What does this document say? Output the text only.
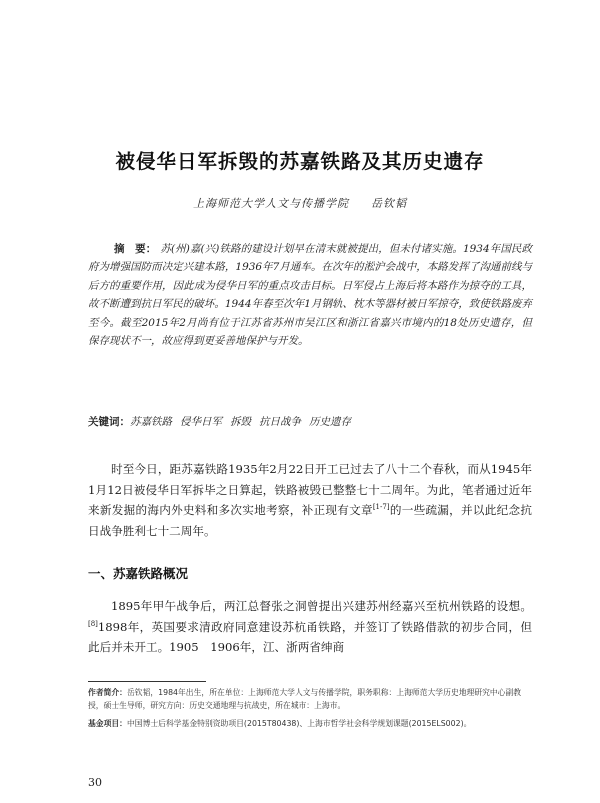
被侵华日军拆毁的苏嘉铁路及其历史遗存
上海师范大学人文与传播学院 岳钦韬
摘　要： 苏(州)嘉(兴)铁路的建设计划早在清末就被提出，但未付诸实施。1934年国民政府为增强国防而决定兴建本路，1936年7月通车。在次年的淞沪会战中，本路发挥了沟通前线与后方的重要作用，因此成为侵华日军的重点攻击目标。日军侵占上海后将本路作为掠夺的工具，故不断遭到抗日军民的破坏。1944年春至次年1月钢轨、枕木等器材被日军掠夺，致使铁路废弃至今。截至2015年2月尚有位于江苏省苏州市吴江区和浙江省嘉兴市境内的18处历史遗存，但保存现状不一，故应得到更妥善地保护与开发。
关键词：苏嘉铁路 侵华日军 拆毁 抗日战争 历史遗存
时至今日，距苏嘉铁路1935年2月22日开工已过去了八十二个春秋，而从1945年1月12日被侵华日军拆毕之日算起，铁路被毁已整整七十二周年。为此，笔者通过近年来新发掘的海内外史料和多次实地考察，补正现有文章[1-7]的一些疏漏，并以此纪念抗日战争胜利七十二周年。
一、苏嘉铁路概况
1895年甲午战争后，两江总督张之洞曾提出兴建苏州经嘉兴至杭州铁路的设想。[8]1898年，英国要求清政府同意建设苏杭甬铁路，并签订了铁路借款的初步合同，但此后并未开工。1905　1906年，江、浙两省绅商
作者简介：岳钦韬，1984年出生，所在单位：上海师范大学人文与传播学院，职务职称：上海师范大学历史地理研究中心副教授，硕士生导师，研究方向：历史交通地理与抗战史，所在城市：上海市。
基金项目：中国博士后科学基金特别资助项目(2015T80438)、上海市哲学社会科学规划课题(2015ELS002)。
30
